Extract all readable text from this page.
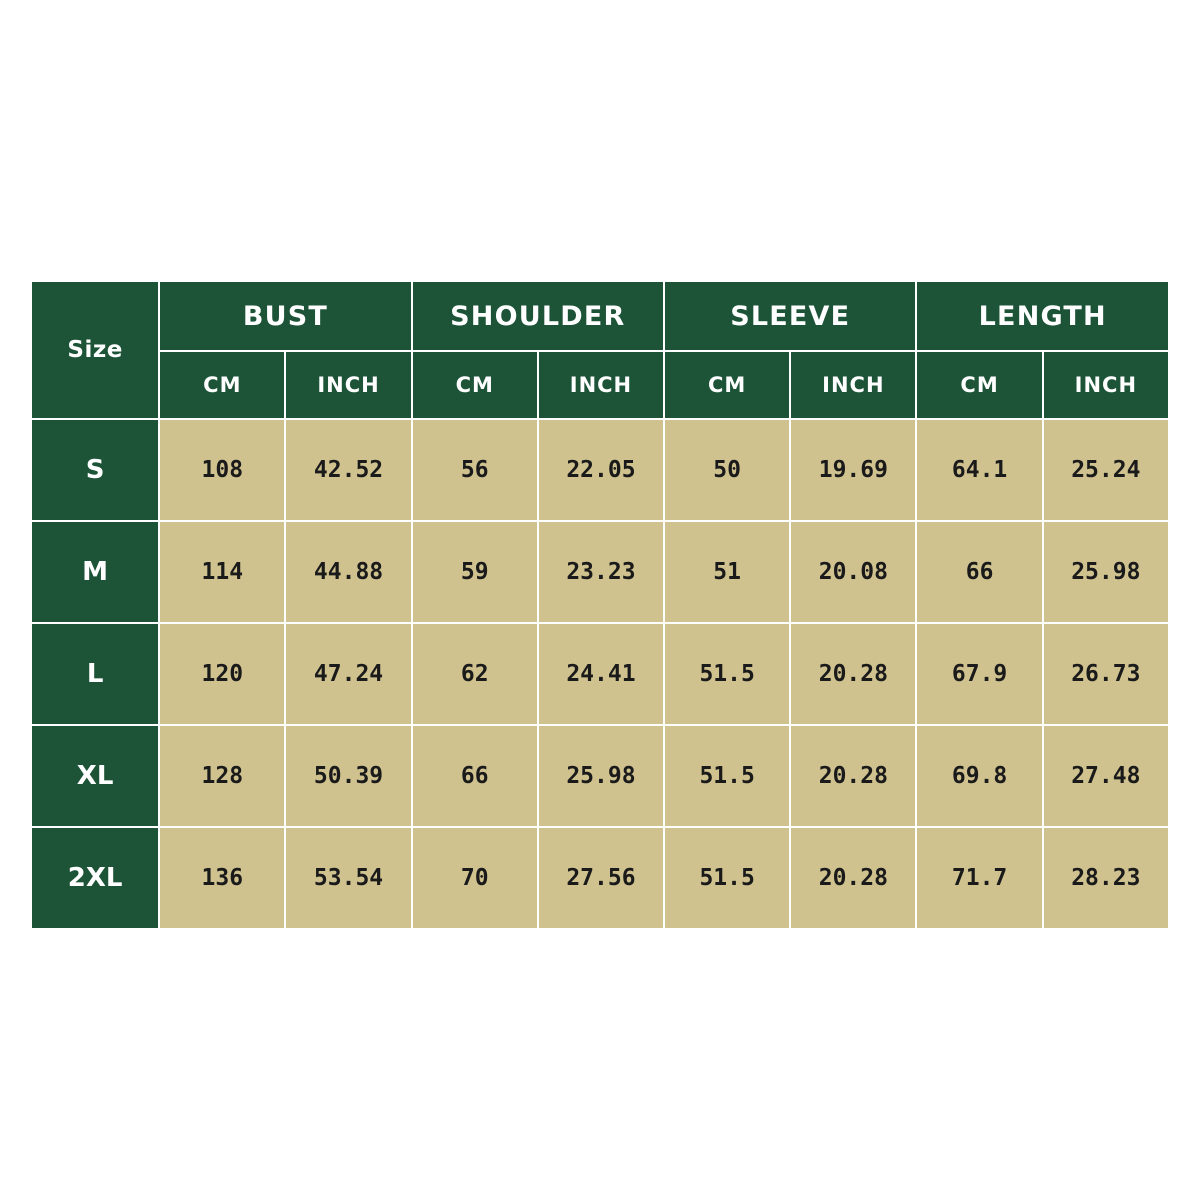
Size	BUST		SHOULDER		SLEEVE		LENGTH	
	CM	INCH	CM	INCH	CM	INCH	CM	INCH
S	108	42.52	56	22.05	50	19.69	64.1	25.24
M	114	44.88	59	23.23	51	20.08	66	25.98
L	120	47.24	62	24.41	51.5	20.28	67.9	26.73
XL	128	50.39	66	25.98	51.5	20.28	69.8	27.48
2XL	136	53.54	70	27.56	51.5	20.28	71.7	28.23
